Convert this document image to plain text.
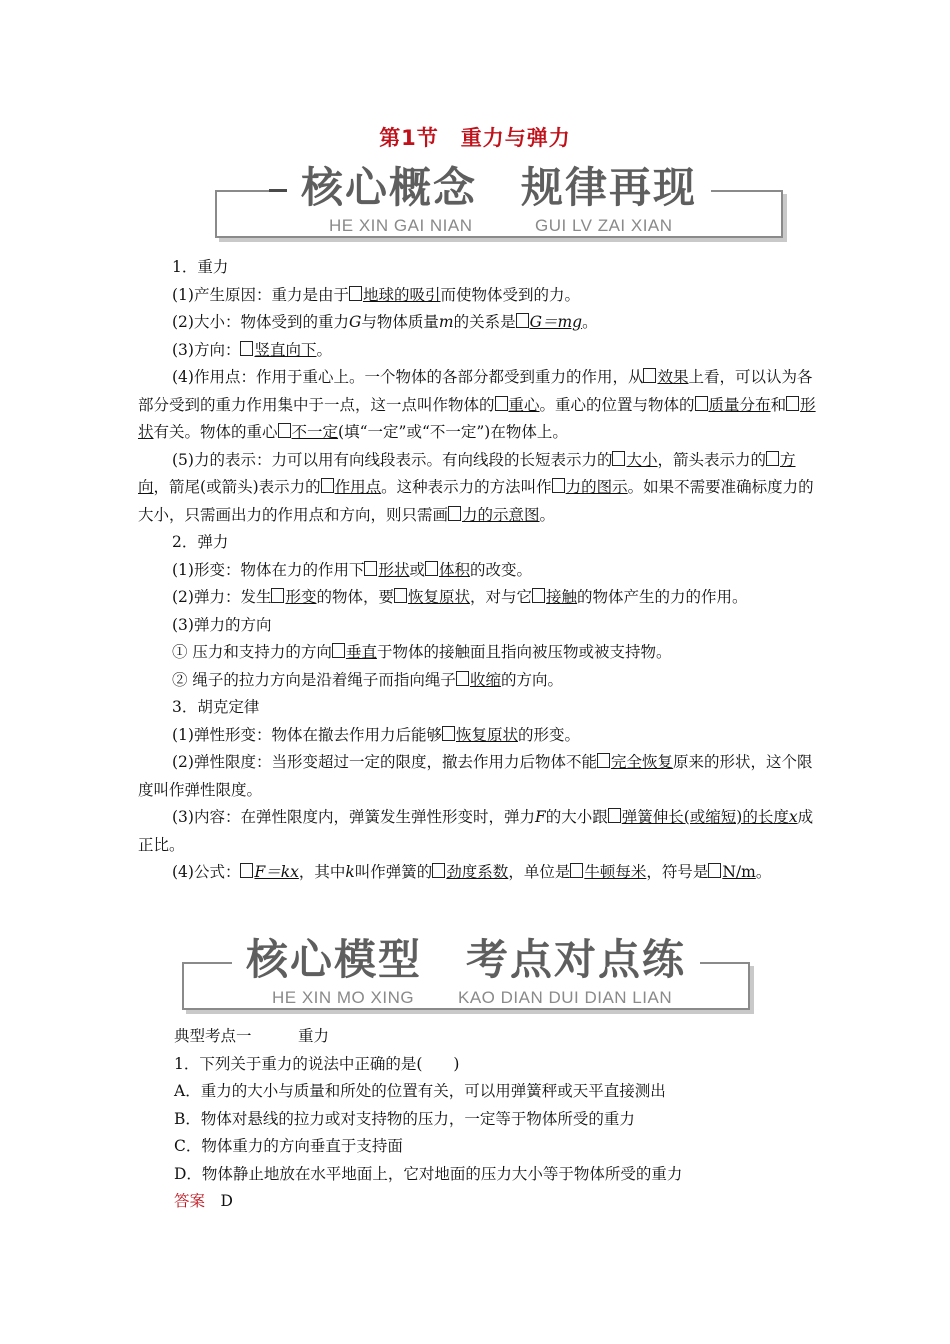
第1节　重力与弹力
核心概念　规律再现
HE XIN GAI NIAN	GUI LV ZAI XIAN

1．重力

(1)产生原因：重力是由于 地球的吸引而使物体受到的力。

(2)大小：物体受到的重力G与物体质量m的关系是 G＝mg。

(3)方向： 竖直向下。

(4)作用点：作用于重心上。一个物体的各部分都受到重力的作用，从 效果上看，可以认为各部分受到的重力作用集中于一点，这一点叫作物体的 重心。重心的位置与物体的 质量分布和 形状有关。物体的重心 不一定(填“一定”或“不一定”)在物体上。

(5)力的表示：力可以用有向线段表示。有向线段的长短表示力的 大小，箭头表示力的 方向，箭尾(或箭头)表示力的 作用点。这种表示力的方法叫作 力的图示。如果不需要准确标度力的大小，只需画出力的作用点和方向，则只需画 力的示意图。

2．弹力

(1)形变：物体在力的作用下 形状或 体积的改变。

(2)弹力：发生 形变的物体，要 恢复原状，对与它 接触的物体产生的力的作用。

(3)弹力的方向

① 压力和支持力的方向 垂直于物体的接触面且指向被压物或被支持物。

② 绳子的拉力方向是沿着绳子而指向绳子 收缩的方向。

3．胡克定律

(1)弹性形变：物体在撤去作用力后能够 恢复原状的形变。

(2)弹性限度：当形变超过一定的限度，撤去作用力后物体不能 完全恢复原来的形状，这个限度叫作弹性限度。

(3)内容：在弹性限度内，弹簧发生弹性形变时，弹力F的大小跟 弹簧伸长(或缩短)的长度x成正比。

(4)公式： F＝kx，其中k叫作弹簧的 劲度系数，单位是 牛顿每米，符号是 N/m。

核心模型　考点对点练
HE XIN MO XING	KAO DIAN DUI DIAN LIAN

典型考点一　　　重力

1．下列关于重力的说法中正确的是(　　)

A．重力的大小与质量和所处的位置有关，可以用弹簧秤或天平直接测出

B．物体对悬线的拉力或对支持物的压力，一定等于物体所受的重力

C．物体重力的方向垂直于支持面

D．物体静止地放在水平地面上，它对地面的压力大小等于物体所受的重力

答案　 D
